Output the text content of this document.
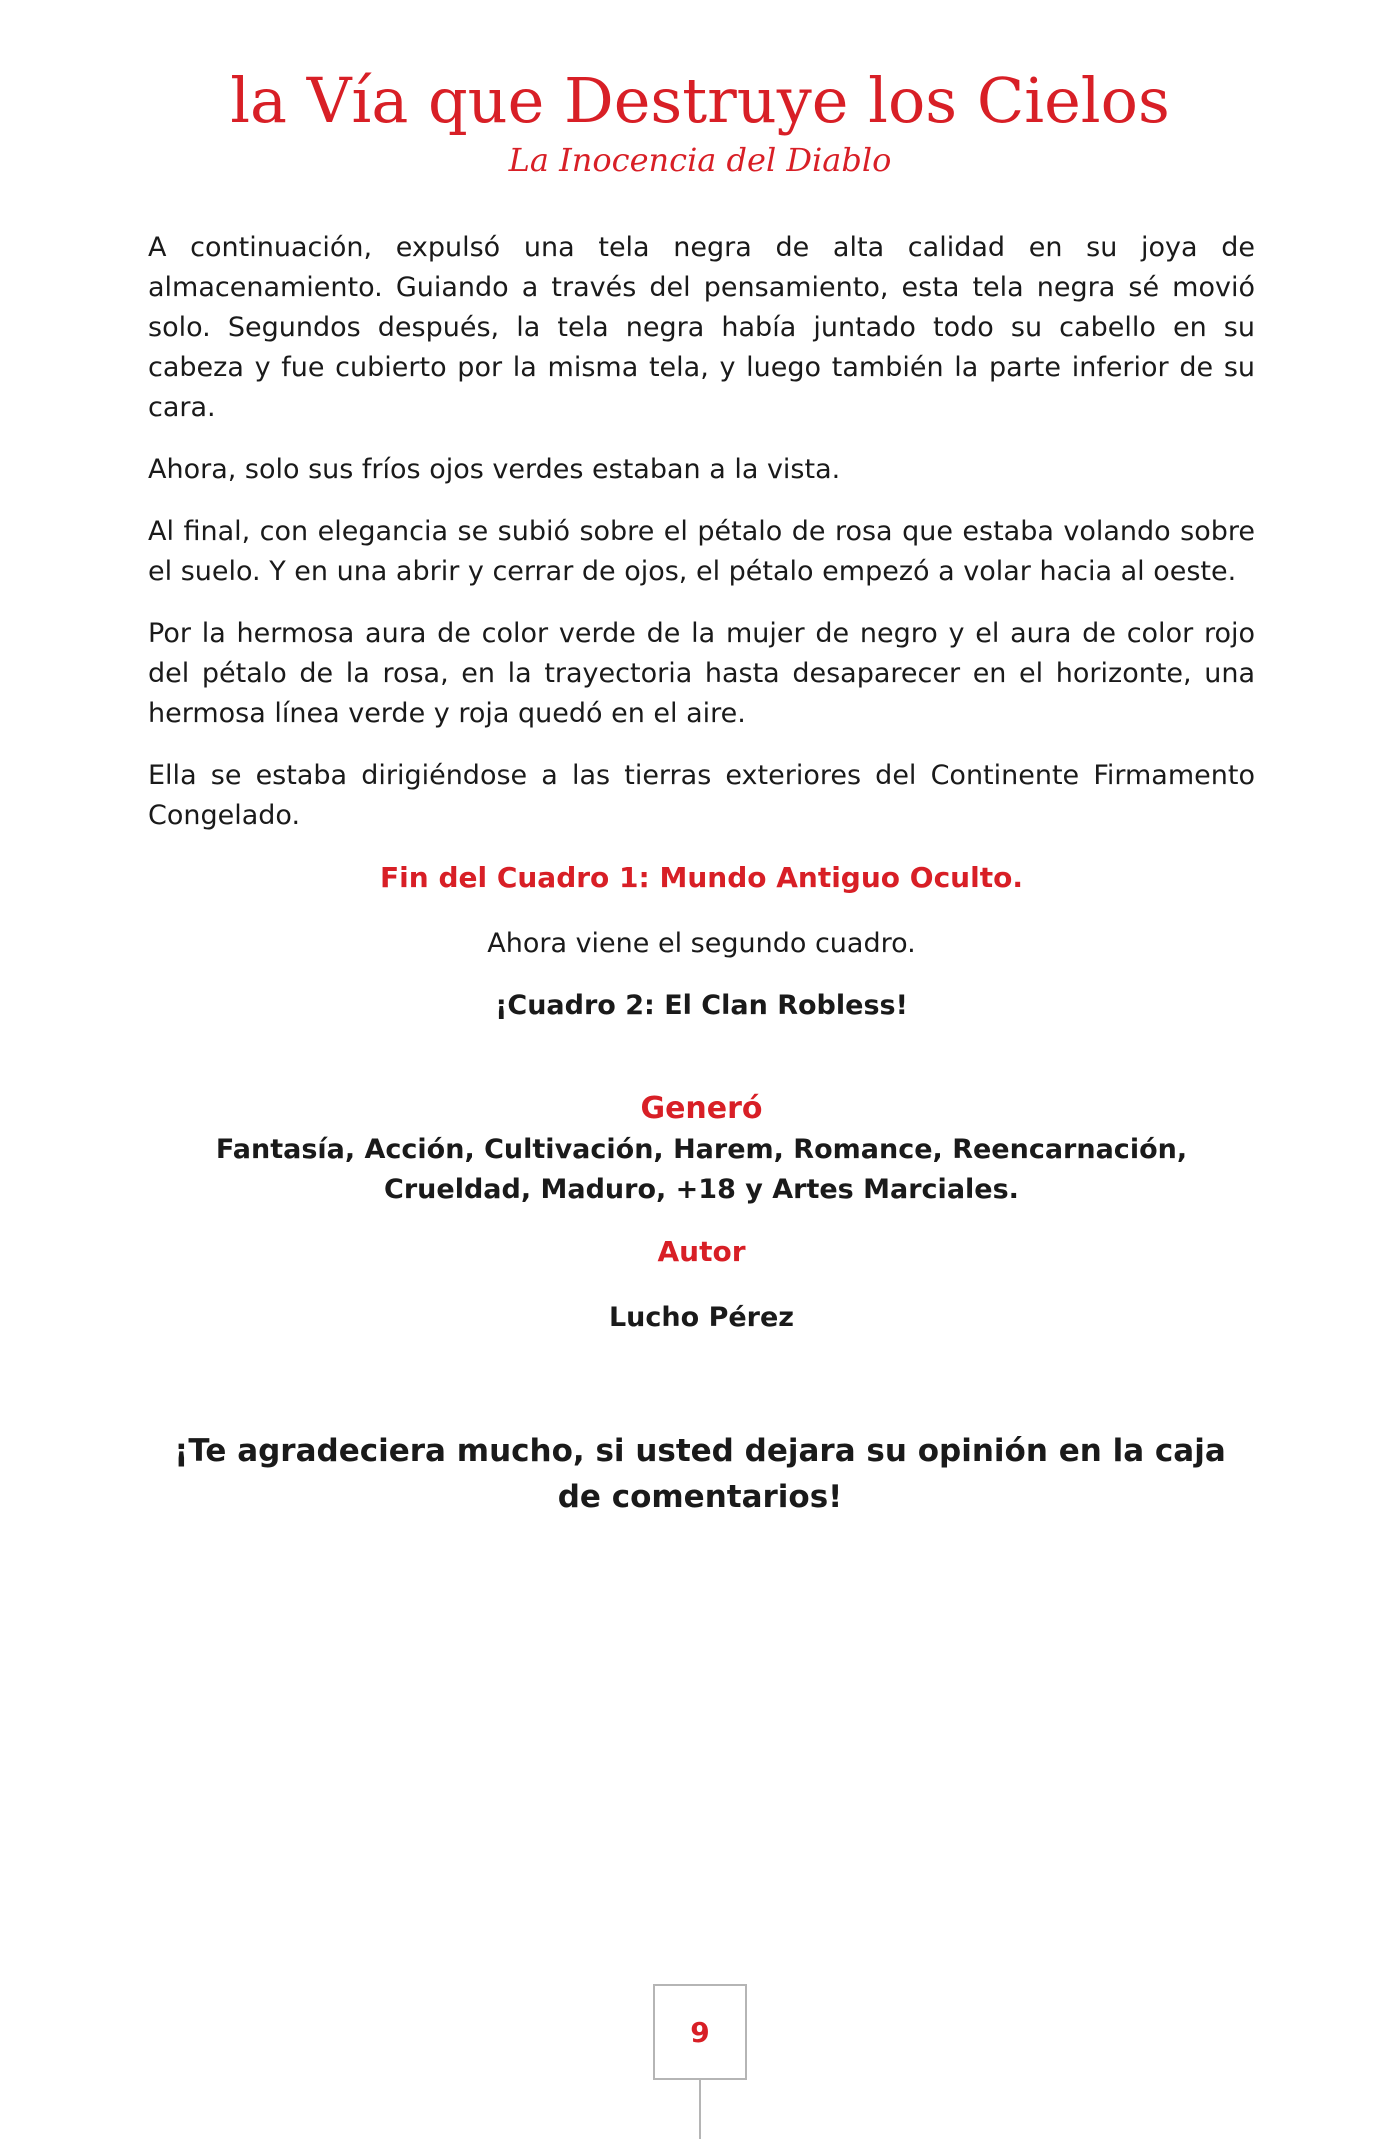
la Vía que Destruye los Cielos
La Inocencia del Diablo

A continuación, expulsó una tela negra de alta calidad en su joya de almacenamiento. Guiando a través del pensamiento, esta tela negra sé movió solo. Segundos después, la tela negra había juntado todo su cabello en su cabeza y fue cubierto por la misma tela, y luego también la parte inferior de su cara.

Ahora, solo sus fríos ojos verdes estaban a la vista.

Al final, con elegancia se subió sobre el pétalo de rosa que estaba volando sobre el suelo. Y en una abrir y cerrar de ojos, el pétalo empezó a volar hacia al oeste.

Por la hermosa aura de color verde de la mujer de negro y el aura de color rojo del pétalo de la rosa, en la trayectoria hasta desaparecer en el horizonte, una hermosa línea verde y roja quedó en el aire.

Ella se estaba dirigiéndose a las tierras exteriores del Continente Firmamento Congelado.

Fin del Cuadro 1: Mundo Antiguo Oculto.

Ahora viene el segundo cuadro.

¡Cuadro 2: El Clan Robless!

Generó

Fantasía, Acción, Cultivación, Harem, Romance, Reencarnación, Crueldad, Maduro, +18 y Artes Marciales.

Autor

Lucho Pérez

¡Te agradeciera mucho, si usted dejara su opinión en la caja de comentarios!

9
